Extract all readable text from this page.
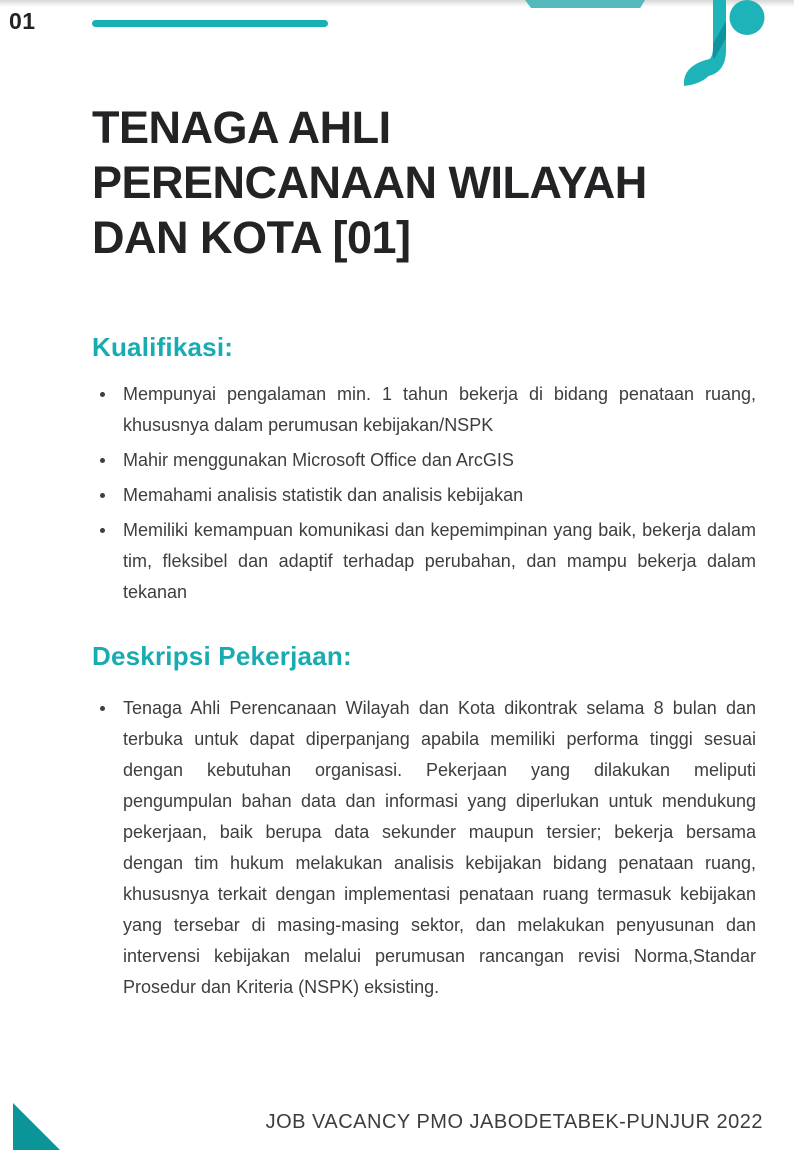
01
TENAGA AHLI
PERENCANAAN WILAYAH
DAN KOTA [01]
Kualifikasi:
Mempunyai pengalaman min. 1 tahun bekerja di bidang penataan ruang, khususnya dalam perumusan kebijakan/NSPK
Mahir menggunakan Microsoft Office dan ArcGIS
Memahami analisis statistik dan analisis kebijakan
Memiliki kemampuan komunikasi dan kepemimpinan yang baik, bekerja dalam tim, fleksibel dan adaptif terhadap perubahan, dan mampu bekerja dalam tekanan
Deskripsi Pekerjaan:
Tenaga Ahli Perencanaan Wilayah dan Kota dikontrak selama 8 bulan dan terbuka untuk dapat diperpanjang apabila memiliki performa tinggi sesuai dengan kebutuhan organisasi. Pekerjaan yang dilakukan meliputi pengumpulan bahan data dan informasi yang diperlukan untuk mendukung pekerjaan, baik berupa data sekunder maupun tersier; bekerja bersama dengan tim hukum melakukan analisis kebijakan bidang penataan ruang, khususnya terkait dengan implementasi penataan ruang termasuk kebijakan yang tersebar di masing-masing sektor, dan melakukan penyusunan dan intervensi kebijakan melalui perumusan rancangan revisi Norma,Standar Prosedur dan Kriteria (NSPK) eksisting.
JOB VACANCY PMO JABODETABEK-PUNJUR 2022
